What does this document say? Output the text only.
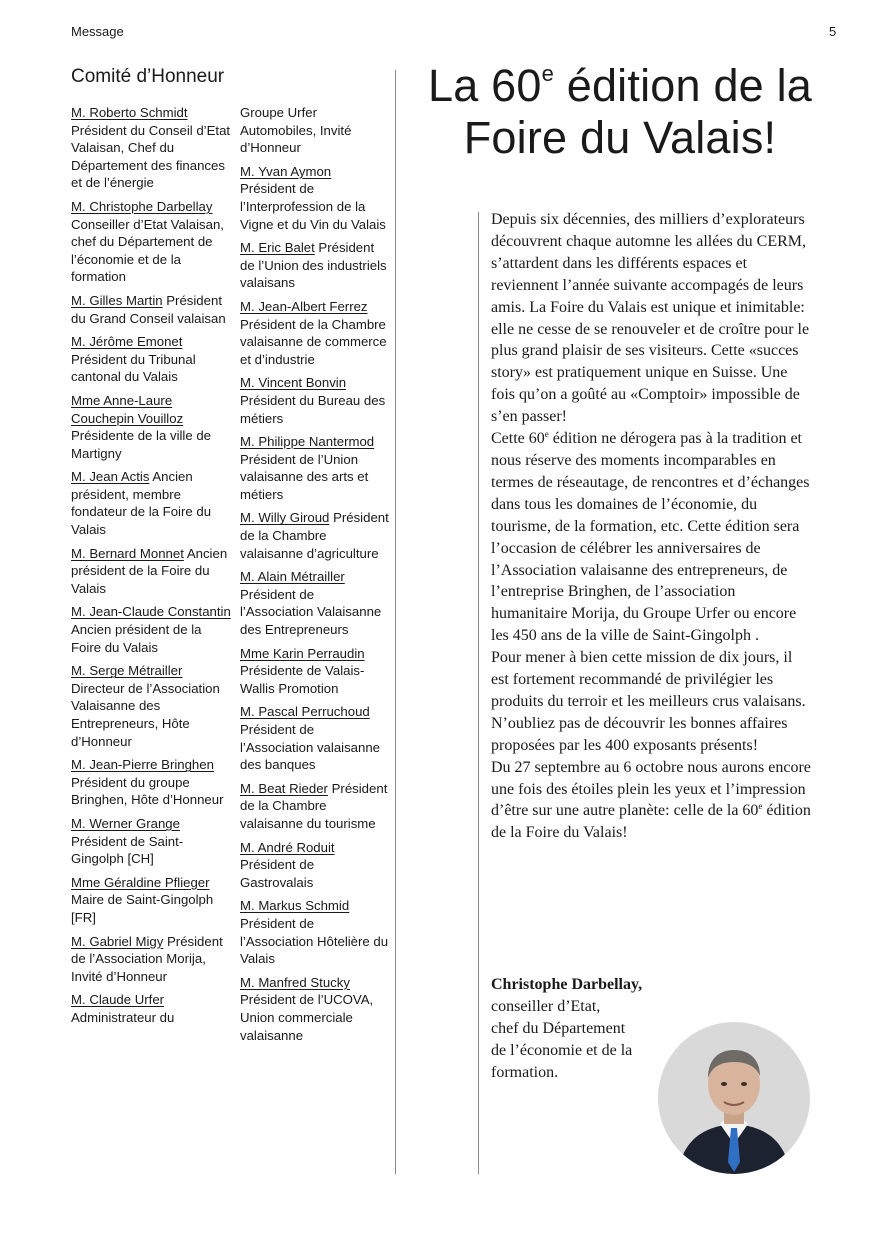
Message	5
Comité d’Honneur
M. Roberto Schmidt Président du Conseil d’Etat Valaisan, Chef du Département des finances et de l’énergie
M. Christophe Darbellay Conseiller d’Etat Valaisan, chef du Département de l’économie et de la formation
M. Gilles Martin Président du Grand Conseil valaisan
M. Jérôme Emonet Président du Tribunal cantonal du Valais
Mme Anne-Laure Couchepin Vouilloz Présidente de la ville de Martigny
M. Jean Actis Ancien président, membre fondateur de la Foire du Valais
M. Bernard Monnet Ancien président de la Foire du Valais
M. Jean-Claude Constantin Ancien président de la Foire du Valais
M. Serge Métrailler Directeur de l’Association Valaisanne des Entrepreneurs, Hôte d’Honneur
M. Jean-Pierre Bringhen Président du groupe Bringhen, Hôte d’Honneur
M. Werner Grange Président de Saint-Gingolph [CH]
Mme Géraldine Pflieger Maire de Saint-Gingolph [FR]
M. Gabriel Migy Président de l’Association Morija, Invité d’Honneur
M. Claude Urfer Administrateur du
Groupe Urfer Automobiles, Invité d’Honneur
M. Yvan Aymon Président de l’Interprofession de la Vigne et du Vin du Valais
M. Eric Balet Président de l’Union des industriels valaisans
M. Jean-Albert Ferrez Président de la Chambre valaisanne de commerce et d’industrie
M. Vincent Bonvin Président du Bureau des métiers
M. Philippe Nantermod Président de l’Union valaisanne des arts et métiers
M. Willy Giroud Président de la Chambre valaisanne d’agriculture
M. Alain Métrailler Président de l’Association Valaisanne des Entrepreneurs
Mme Karin Perraudin Présidente de Valais-Wallis Promotion
M. Pascal Perruchoud Président de l’Association valaisanne des banques
M. Beat Rieder Président de la Chambre valaisanne du tourisme
M. André Roduit Président de Gastrovalais
M. Markus Schmid Président de l’Association Hôtelière du Valais
M. Manfred Stucky Président de l’UCOVA, Union commerciale valaisanne
La 60e édition de la Foire du Valais!

Depuis six décennies, des milliers d’explorateurs découvrent chaque automne les allées du CERM, s’attardent dans les différents espaces et reviennent l’année suivante accompagés de leurs amis. La Foire du Valais est unique et inimitable: elle ne cesse de se renouveler et de croître pour le plus grand plaisir de ses visiteurs. Cette «succes story» est pratiquement unique en Suisse. Une fois qu’on a goûté au «Comptoir» impossible de s’en passer!

Cette 60e édition ne dérogera pas à la tradition et nous réserve des moments incomparables en termes de réseautage, de rencontres et d’échanges dans tous les domaines de l’économie, du tourisme, de la formation, etc. Cette édition sera l’occasion de célébrer les anniversaires de l’Association valaisanne des entrepreneurs, de l’entreprise Bringhen, de l’association humanitaire Morija, du Groupe Urfer ou encore les 450 ans de la ville de Saint-Gingolph .

Pour mener à bien cette mission de dix jours, il est fortement recommandé de privilégier les produits du terroir et les meilleurs crus valaisans. N’oubliez pas de découvrir les bonnes affaires proposées par les 400 exposants présents!

Du 27 septembre au 6 octobre nous aurons encore une fois des étoiles plein les yeux et l’impression d’être sur une autre planète: celle de la 60e édition de la Foire du Valais!

Christophe Darbellay,
conseiller d’Etat,
chef du Département
de l’économie et de la
formation.
